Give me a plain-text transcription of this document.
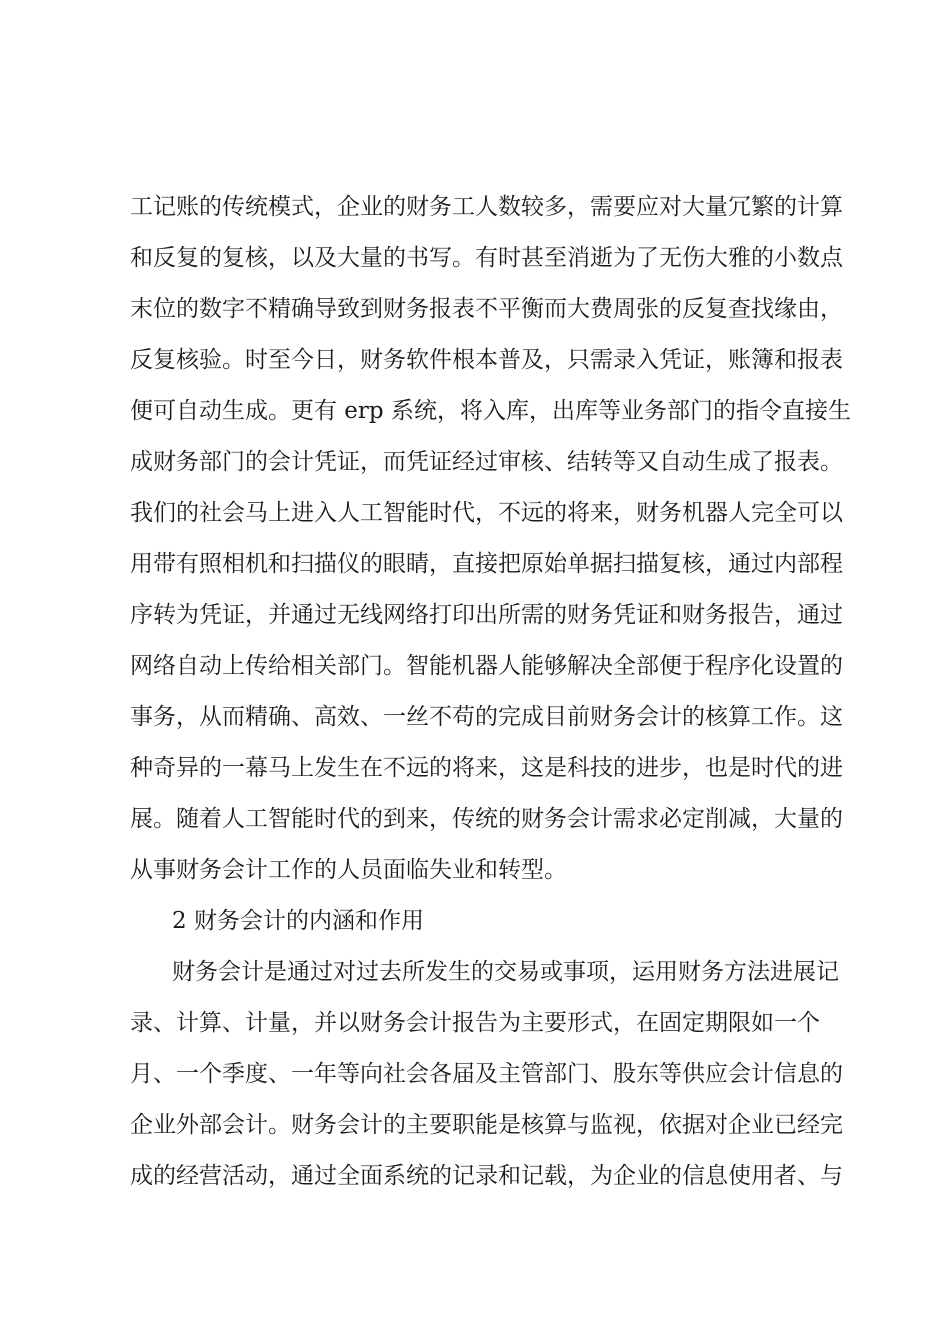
工记账的传统模式，企业的财务工人数较多，需要应对大量冗繁的计算
和反复的复核，以及大量的书写。有时甚至消逝为了无伤大雅的小数点
末位的数字不精确导致到财务报表不平衡而大费周张的反复查找缘由，
反复核验。时至今日，财务软件根本普及，只需录入凭证，账簿和报表
便可自动生成。更有 erp 系统，将入库，出库等业务部门的指令直接生
成财务部门的会计凭证，而凭证经过审核、结转等又自动生成了报表。
我们的社会马上进入人工智能时代，不远的将来，财务机器人完全可以
用带有照相机和扫描仪的眼睛，直接把原始单据扫描复核，通过内部程
序转为凭证，并通过无线网络打印出所需的财务凭证和财务报告，通过
网络自动上传给相关部门。智能机器人能够解决全部便于程序化设置的
事务，从而精确、高效、一丝不苟的完成目前财务会计的核算工作。这
种奇异的一幕马上发生在不远的将来，这是科技的进步，也是时代的进
展。随着人工智能时代的到来，传统的财务会计需求必定削减，大量的
从事财务会计工作的人员面临失业和转型。
2 财务会计的内涵和作用
财务会计是通过对过去所发生的交易或事项，运用财务方法进展记
录、计算、计量，并以财务会计报告为主要形式，在固定期限如一个
月、一个季度、一年等向社会各届及主管部门、股东等供应会计信息的
企业外部会计。财务会计的主要职能是核算与监视，依据对企业已经完
成的经营活动，通过全面系统的记录和记载，为企业的信息使用者、与
